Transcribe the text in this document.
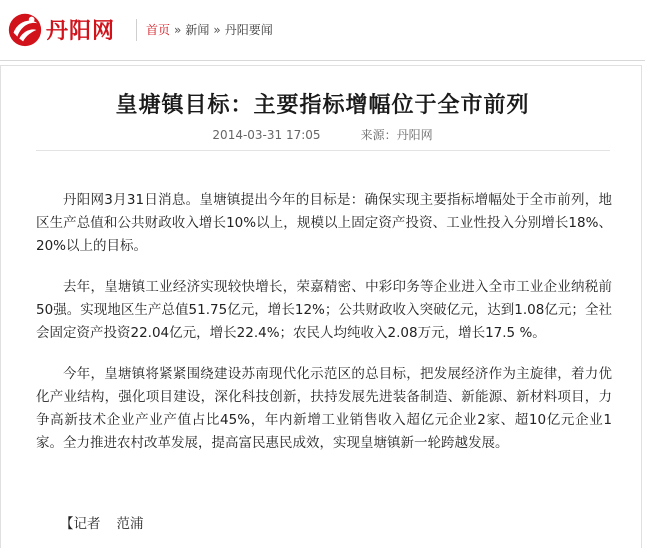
丹阳网	首页 » 新闻 » 丹阳要闻
皇塘镇目标：主要指标增幅位于全市前列
2014-03-31 17:05	来源：丹阳网

丹阳网3月31日消息。皇塘镇提出今年的目标是：确保实现主要指标增幅处于全市前列，地区生产总值和公共财政收入增长10%以上，规模以上固定资产投资、工业性投入分别增长18%、20%以上的目标。

去年，皇塘镇工业经济实现较快增长，荣嘉精密、中彩印务等企业进入全市工业企业纳税前50强。实现地区生产总值51.75亿元，增长12%；公共财政收入突破亿元，达到1.08亿元；全社会固定资产投资22.04亿元，增长22.4%；农民人均纯收入2.08万元，增长17.5 %。

今年，皇塘镇将紧紧围绕建设苏南现代化示范区的总目标，把发展经济作为主旋律，着力优化产业结构，强化项目建设，深化科技创新，扶持发展先进装备制造、新能源、新材料项目，力争高新技术企业产业产值占比45%，年内新增工业销售收入超亿元企业2家、超10亿元企业1家。全力推进农村改革发展，提高富民惠民成效，实现皇塘镇新一轮跨越发展。

【记者 范浦
